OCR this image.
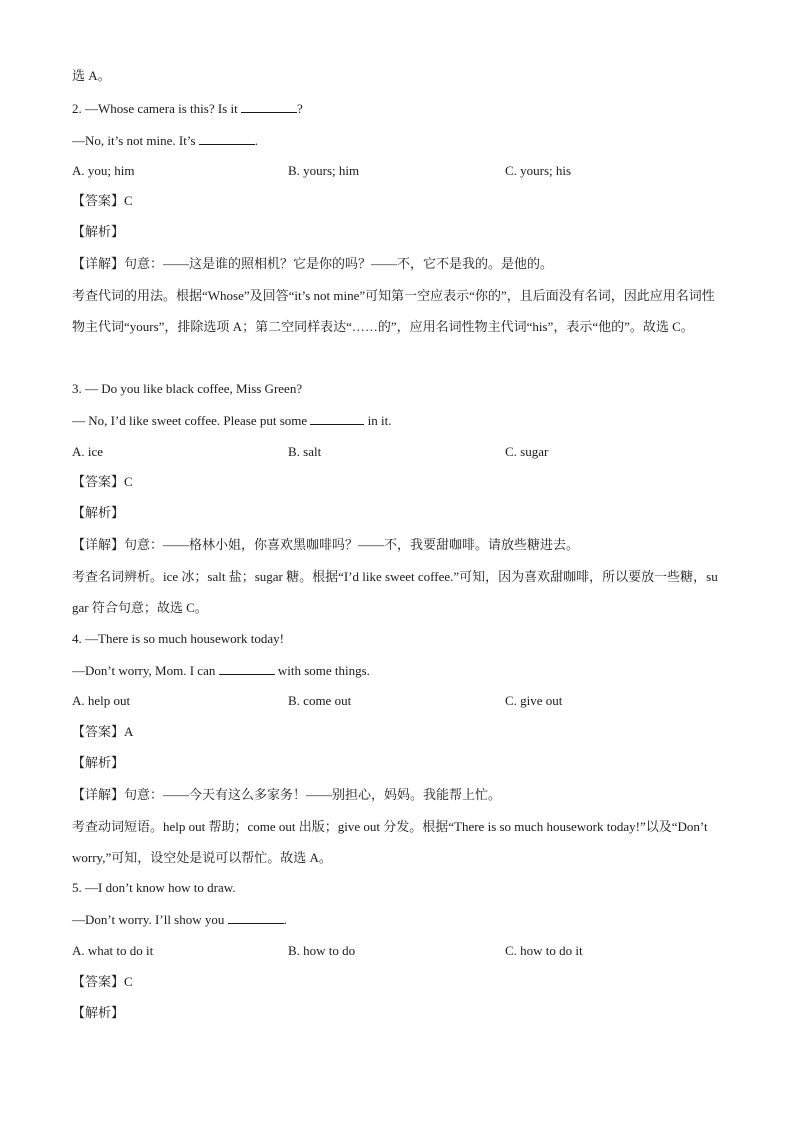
选 A。
2. —Whose camera is this? Is it	?
—No, it’s not mine. It’s	.
A. you; him	B. yours; him	C. yours; his
【答案】C
【解析】
【详解】句意：——这是谁的照相机？它是你的吗？——不，它不是我的。是他的。
考查代词的用法。根据“Whose”及回答“it’s not mine”可知第一空应表示“你的”，且后面没有名词，因此应用名词性物主代词“yours”，排除选项 A；第二空同样表达“……的”，应用名词性物主代词“his”，表示“他的”。故选 C。
3. — Do you like black coffee, Miss Green?
— No, I’d like sweet coffee. Please put some	in it.
A. ice	B. salt	C. sugar
【答案】C
【解析】
【详解】句意：——格林小姐，你喜欢黑咖啡吗？——不，我要甜咖啡。请放些糖进去。
考查名词辨析。ice 冰；salt 盐；sugar 糖。根据“I’d like sweet coffee.”可知，因为喜欢甜咖啡，所以要放一些糖，sugar 符合句意；故选 C。
4. —There is so much housework today!
—Don’t worry, Mom. I can	with some things.
A. help out	B. come out	C. give out
【答案】A
【解析】
【详解】句意：——今天有这么多家务！——别担心，妈妈。我能帮上忙。
考查动词短语。help out 帮助；come out 出版；give out 分发。根据“There is so much housework today!”以及“Don’t worry,”可知，设空处是说可以帮忙。故选 A。
5. —I don’t know how to draw.
—Don’t worry. I’ll show you	.
A. what to do it	B. how to do	C. how to do it
【答案】C
【解析】
